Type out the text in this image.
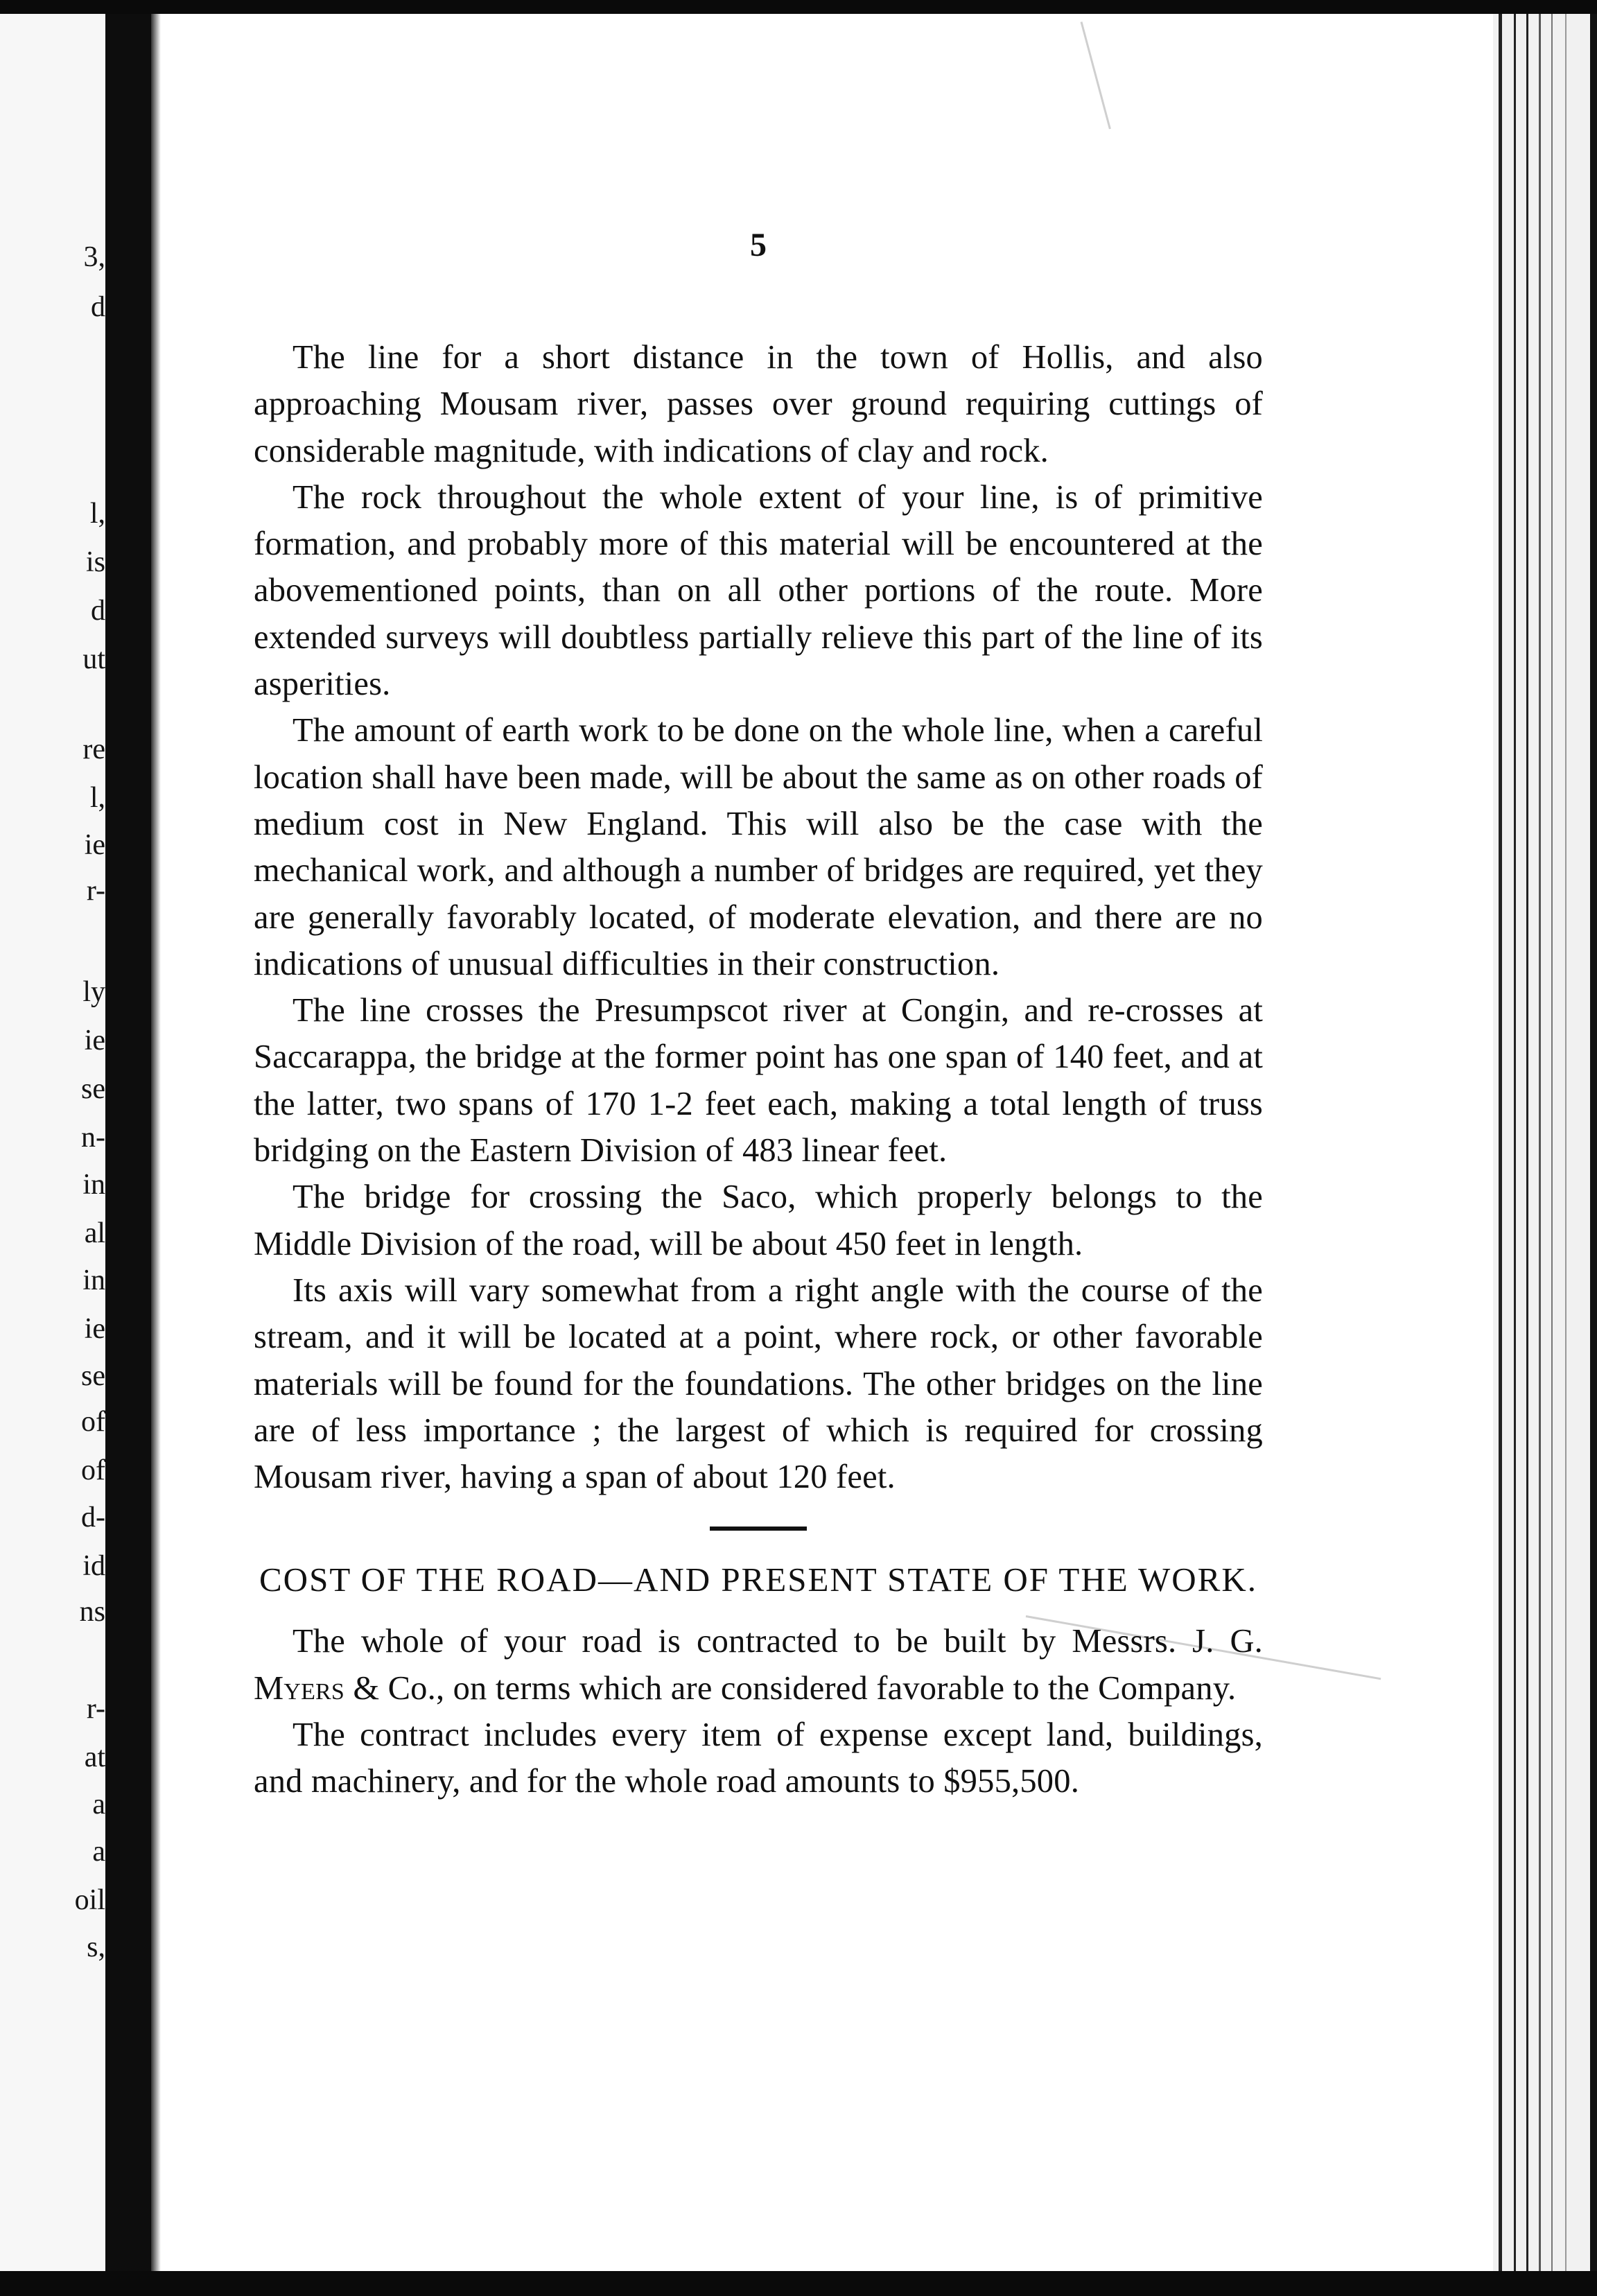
3,
d
l,
is
d
ut
re
l,
ie
r-
ly
ie
se
n-
in
al
in
ie
se
of
of
d-
id
ns
r-
at
a
a
oil
s,
5

The line for a short distance in the town of Hollis, and also approaching Mousam river, passes over ground requiring cuttings of considerable magnitude, with indications of clay and rock.

The rock throughout the whole extent of your line, is of primitive formation, and probably more of this material will be encountered at the abovementioned points, than on all other portions of the route. More extended surveys will doubtless partially relieve this part of the line of its asperities.

The amount of earth work to be done on the whole line, when a careful location shall have been made, will be about the same as on other roads of medium cost in New England. This will also be the case with the mechanical work, and although a number of bridges are required, yet they are generally favorably located, of moderate elevation, and there are no indications of unusual difficulties in their construction.

The line crosses the Presumpscot river at Congin, and re-crosses at Saccarappa, the bridge at the former point has one span of 140 feet, and at the latter, two spans of 170 1-2 feet each, making a total length of truss bridging on the Eastern Division of 483 linear feet.

The bridge for crossing the Saco, which properly belongs to the Middle Division of the road, will be about 450 feet in length.

Its axis will vary somewhat from a right angle with the course of the stream, and it will be located at a point, where rock, or other favorable materials will be found for the foundations. The other bridges on the line are of less importance ; the largest of which is required for crossing Mousam river, having a span of about 120 feet.

COST OF THE ROAD—AND PRESENT STATE OF THE WORK.

The whole of your road is contracted to be built by Messrs. J. G. Myers & Co., on terms which are considered favorable to the Company.

The contract includes every item of expense except land, buildings, and machinery, and for the whole road amounts to $955,500.
